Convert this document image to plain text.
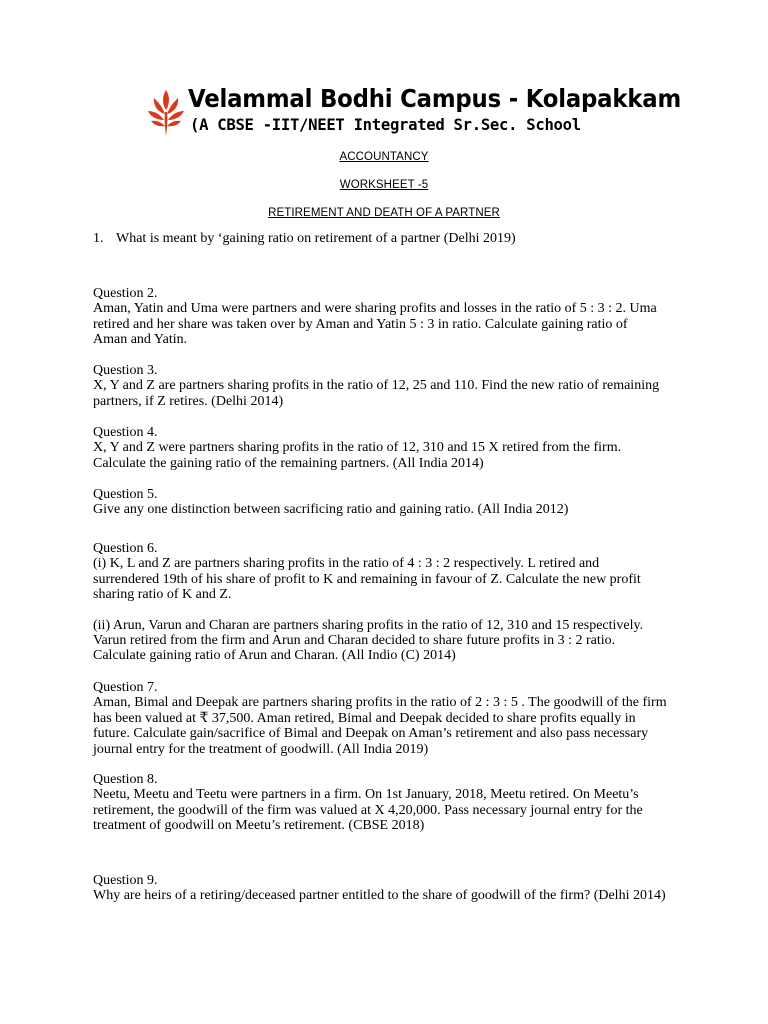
Velammal Bodhi Campus - Kolapakkam
(A CBSE -IIT/NEET Integrated Sr.Sec. School
ACCOUNTANCY
WORKSHEET -5
RETIREMENT AND DEATH OF A PARTNER
1. What is meant by ‘gaining ratio on retirement of a partner (Delhi 2019)
Question 2.
Aman, Yatin and Uma were partners and were sharing profits and losses in the ratio of 5 : 3 : 2. Uma
retired and her share was taken over by Aman and Yatin 5 : 3 in ratio. Calculate gaining ratio of
Aman and Yatin.
Question 3.
X, Y and Z are partners sharing profits in the ratio of 12, 25 and 110. Find the new ratio of remaining
partners, if Z retires. (Delhi 2014)
Question 4.
X, Y and Z were partners sharing profits in the ratio of 12, 310 and 15 X retired from the firm.
Calculate the gaining ratio of the remaining partners. (All India 2014)
Question 5.
Give any one distinction between sacrificing ratio and gaining ratio. (All India 2012)
Question 6.
(i) K, L and Z are partners sharing profits in the ratio of 4 : 3 : 2 respectively. L retired and
surrendered 19th of his share of profit to K and remaining in favour of Z. Calculate the new profit
sharing ratio of K and Z.
(ii) Arun, Varun and Charan are partners sharing profits in the ratio of 12, 310 and 15 respectively.
Varun retired from the firm and Arun and Charan decided to share future profits in 3 : 2 ratio.
Calculate gaining ratio of Arun and Charan. (All Indio (C) 2014)
Question 7.
Aman, Bimal and Deepak are partners sharing profits in the ratio of 2 : 3 : 5 . The goodwill of the firm
has been valued at ₹ 37,500. Aman retired, Bimal and Deepak decided to share profits equally in
future. Calculate gain/sacrifice of Bimal and Deepak on Aman’s retirement and also pass necessary
journal entry for the treatment of goodwill. (All India 2019)
Question 8.
Neetu, Meetu and Teetu were partners in a firm. On 1st January, 2018, Meetu retired. On Meetu’s
retirement, the goodwill of the firm was valued at X 4,20,000. Pass necessary journal entry for the
treatment of goodwill on Meetu’s retirement. (CBSE 2018)
Question 9.
Why are heirs of a retiring/deceased partner entitled to the share of goodwill of the firm? (Delhi 2014)
